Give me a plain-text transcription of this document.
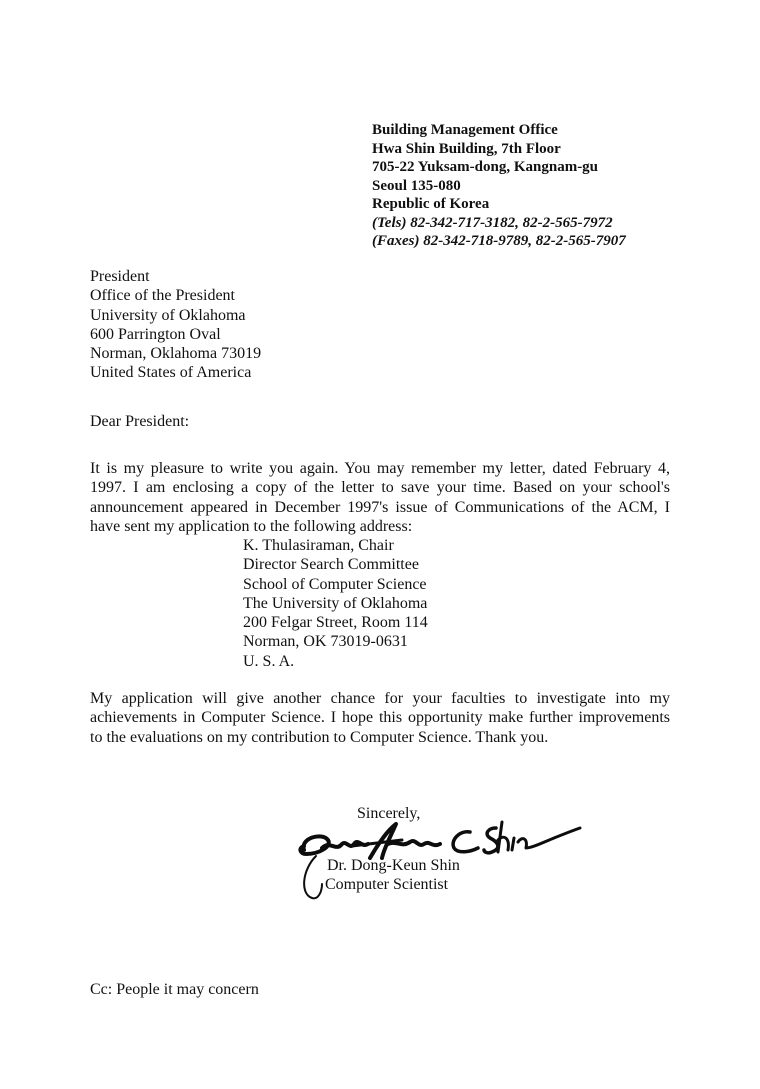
Building Management Office
Hwa Shin Building, 7th Floor
705-22 Yuksam-dong, Kangnam-gu
Seoul 135-080
Republic of Korea
(Tels) 82-342-717-3182, 82-2-565-7972
(Faxes) 82-342-718-9789, 82-2-565-7907
President
Office of the President
University of Oklahoma
600 Parrington Oval
Norman, Oklahoma 73019
United States of America
Dear President:
It is my pleasure to write you again. You may remember my letter, dated February 4,
1997. I am enclosing a copy of the letter to save your time. Based on your school's
announcement appeared in December 1997's issue of Communications of the ACM, I
have sent my application to the following address:
K. Thulasiraman, Chair
Director Search Committee
School of Computer Science
The University of Oklahoma
200 Felgar Street, Room 114
Norman, OK 73019-0631
U. S. A.
My application will give another chance for your faculties to investigate into my
achievements in Computer Science. I hope this opportunity make further improvements
to the evaluations on my contribution to Computer Science. Thank you.
Sincerely,
Dr. Dong-Keun Shin
Computer Scientist
Cc: People it may concern
